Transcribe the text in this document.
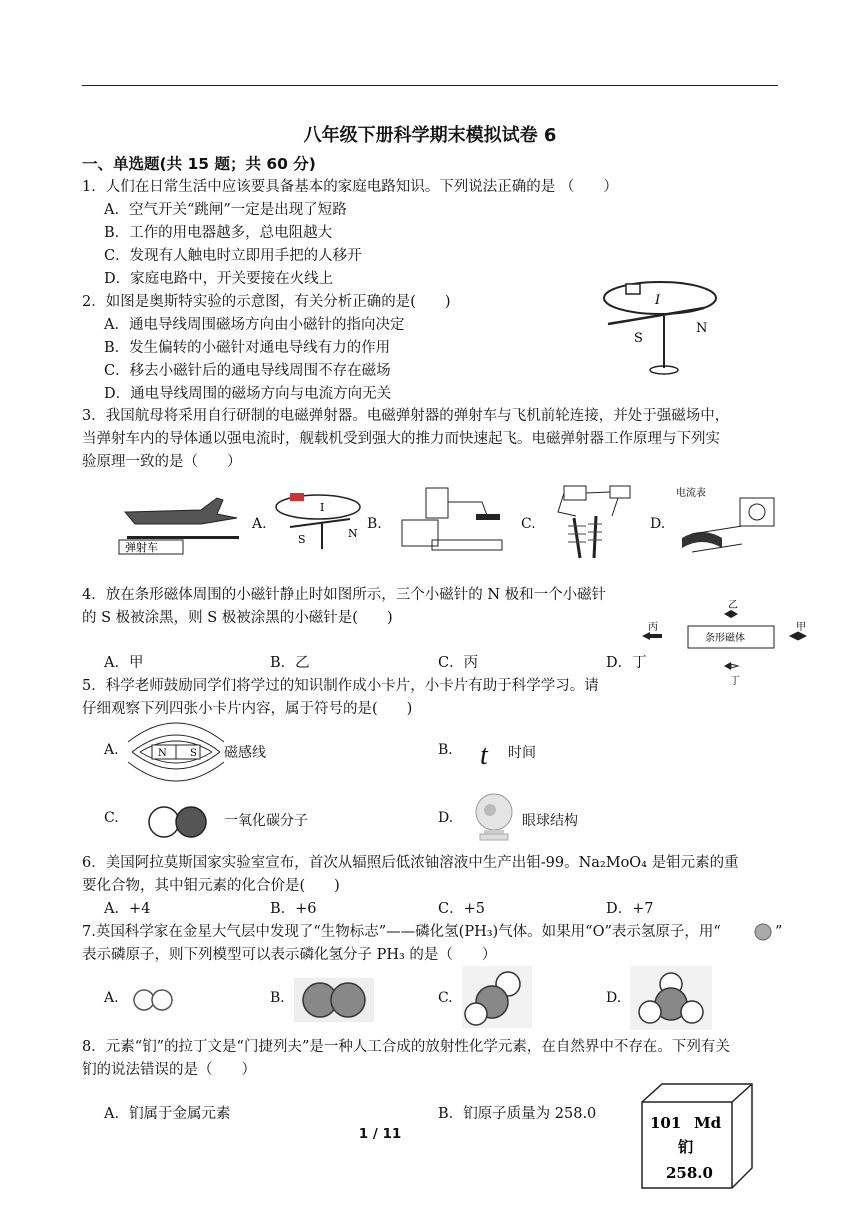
八年级下册科学期末模拟试卷 6
一、单选题(共 15 题；共 60 分)
1．人们在日常生活中应该要具备基本的家庭电路知识。下列说法正确的是 （　　）
A．空气开关“跳闸”一定是出现了短路
B．工作的用电器越多，总电阻越大
C．发现有人触电时立即用手把的人移开
D．家庭电路中，开关要接在火线上
2．如图是奥斯特实验的示意图，有关分析正确的是(　　)
A．通电导线周围磁场方向由小磁针的指向决定
B．发生偏转的小磁针对通电导线有力的作用
C．移去小磁针后的通电导线周围不存在磁场
D．通电导线周围的磁场方向与电流方向无关
I
S
N
3．我国航母将采用自行研制的电磁弹射器。电磁弹射器的弹射车与飞机前轮连接，并处于强磁场中，
当弹射车内的导体通以强电流时，舰载机受到强大的推力而快速起飞。电磁弹射器工作原理与下列实
验原理一致的是（　　）
弹射车
A.
I
S	N
B.	C.	D.
电流表
4．放在条形磁体周围的小磁针静止时如图所示，三个小磁针的 N 极和一个小磁针
的 S 极被涂黑，则 S 极被涂黑的小磁针是(　　)
A．甲	B．乙	C．丙	D．丁
条形磁体
乙
丙	甲
丁
5．科学老师鼓励同学们将学过的知识制作成小卡片，小卡片有助于科学学习。请
仔细观察下列四张小卡片内容，属于符号的是(　　)
A.	N S 磁感线	B. t 时间
C.	一氧化碳分子	D.	眼球结构
6．美国阿拉莫斯国家实验室宣布，首次从辐照后低浓铀溶液中生产出钼-99。Na₂MoO₄ 是钼元素的重
要化合物，其中钼元素的化合价是(　　)
A．+4	B．+6	C．+5	D．+7
7.英国科学家在金星大气层中发现了“生物标志”——磷化氢(PH₃)气体。如果用“O”表示氢原子，用“	”
表示磷原子，则下列模型可以表示磷化氢分子 PH₃ 的是（　　）
A.	B.	C.	D.
8．元素“钔”的拉丁文是“门捷列夫”是一种人工合成的放射性化学元素，在自然界中不存在。下列有关
钔的说法错误的是（　　）
A．钔属于金属元素	B．钔原子质量为 258.0	101 Md
钔
258.0
1 / 11
